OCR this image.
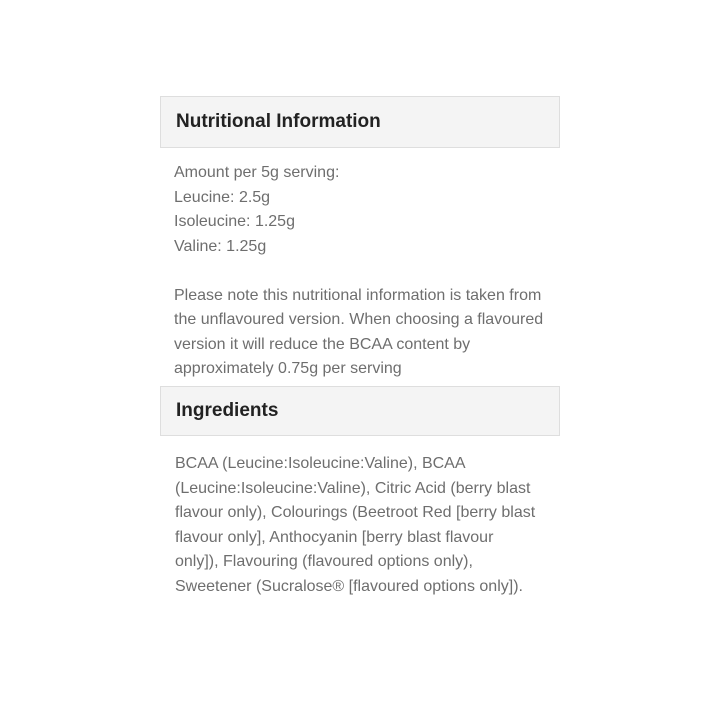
Nutritional Information
Amount per 5g serving:
Leucine: 2.5g
Isoleucine: 1.25g
Valine: 1.25g
Please note this nutritional information is taken from the unflavoured version. When choosing a flavoured version it will reduce the BCAA content by approximately 0.75g per serving
Ingredients
BCAA (Leucine:Isoleucine:Valine), BCAA (Leucine:Isoleucine:Valine), Citric Acid (berry blast flavour only), Colourings (Beetroot Red [berry blast flavour only], Anthocyanin [berry blast flavour only]), Flavouring (flavoured options only), Sweetener (Sucralose® [flavoured options only]).
